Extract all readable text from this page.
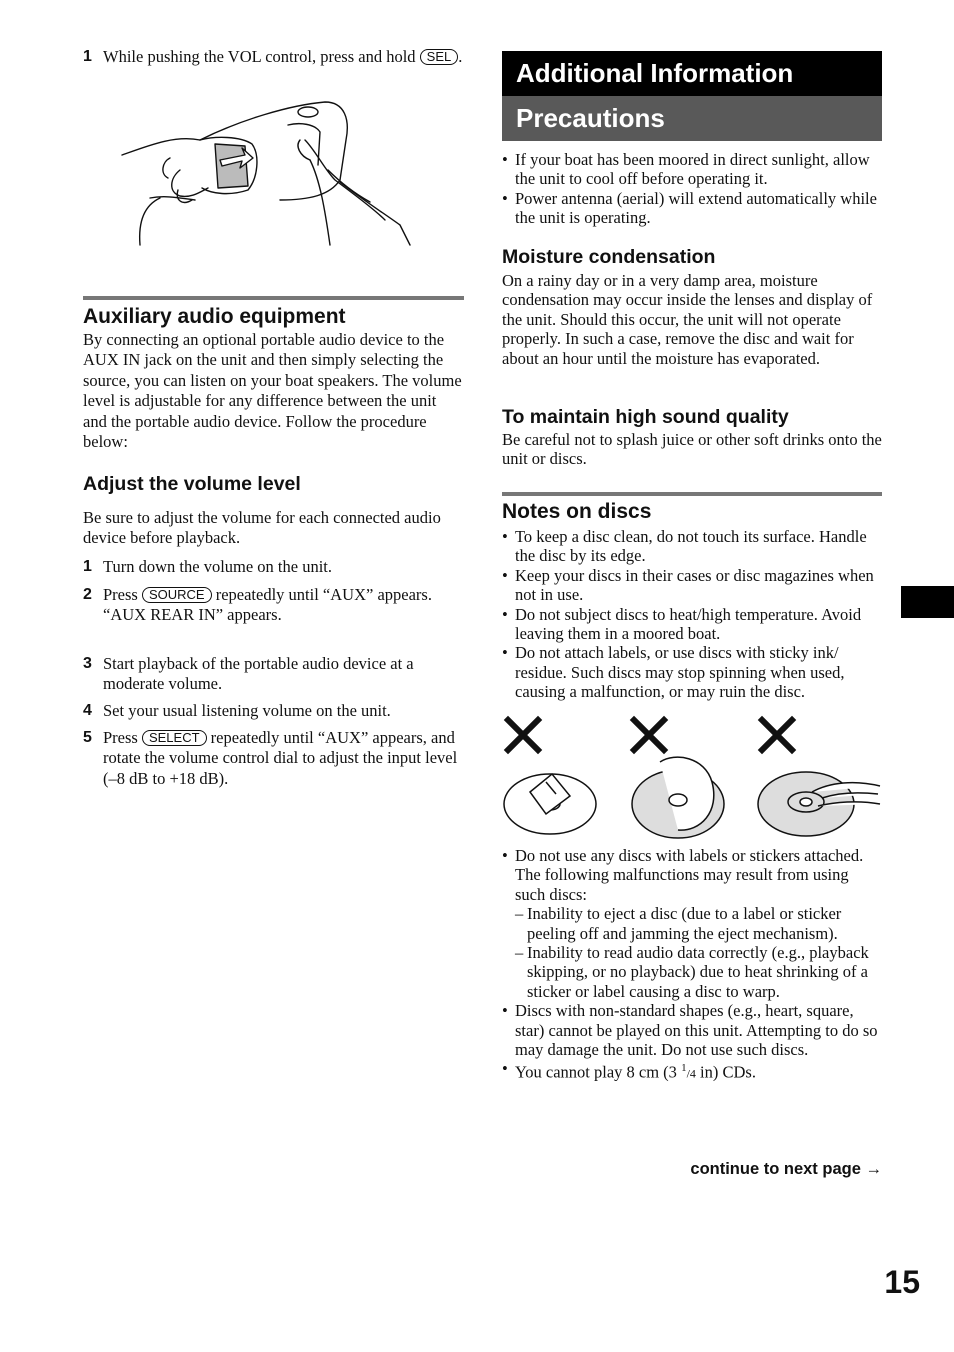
1 While pushing the VOL control, press and hold SEL .
Auxiliary audio equipment

By connecting an optional portable audio device to the AUX IN jack on the unit and then simply selecting the source, you can listen on your boat speakers. The volume level is adjustable for any difference between the unit and the portable audio device. Follow the procedure below:

Adjust the volume level

Be sure to adjust the volume for each connected audio device before playback.

1 Turn down the volume on the unit.
2 Press SOURCE repeatedly until “AUX” appears.
“AUX REAR IN” appears.
3 Start playback of the portable audio device at a moderate volume.
4 Set your usual listening volume on the unit.
5 Press SELECT repeatedly until “AUX” appears, and rotate the volume control dial to adjust the input level (–8 dB to +18 dB).
Additional Information
Precautions
• If your boat has been moored in direct sunlight, allow the unit to cool off before operating it.
• Power antenna (aerial) will extend automatically while the unit is operating.
Moisture condensation

On a rainy day or in a very damp area, moisture condensation may occur inside the lenses and display of the unit. Should this occur, the unit will not operate properly. In such a case, remove the disc and wait for about an hour until the moisture has evaporated.

To maintain high sound quality

Be careful not to splash juice or other soft drinks onto the unit or discs.

Notes on discs
• To keep a disc clean, do not touch its surface. Handle the disc by its edge.
• Keep your discs in their cases or disc magazines when not in use.
• Do not subject discs to heat/high temperature. Avoid leaving them in a moored boat.
• Do not attach labels, or use discs with sticky ink/ residue. Such discs may stop spinning when used, causing a malfunction, or may ruin the disc.
• Do not use any discs with labels or stickers attached.
The following malfunctions may result from using such discs:
– Inability to eject a disc (due to a label or sticker peeling off and jamming the eject mechanism).
– Inability to read audio data correctly (e.g., playback skipping, or no playback) due to heat shrinking of a sticker or label causing a disc to warp.
• Discs with non-standard shapes (e.g., heart, square, star) cannot be played on this unit. Attempting to do so may damage the unit. Do not use such discs.
• You cannot play 8 cm (3 $^1$/4 in) CDs.
continue to next page →
15
